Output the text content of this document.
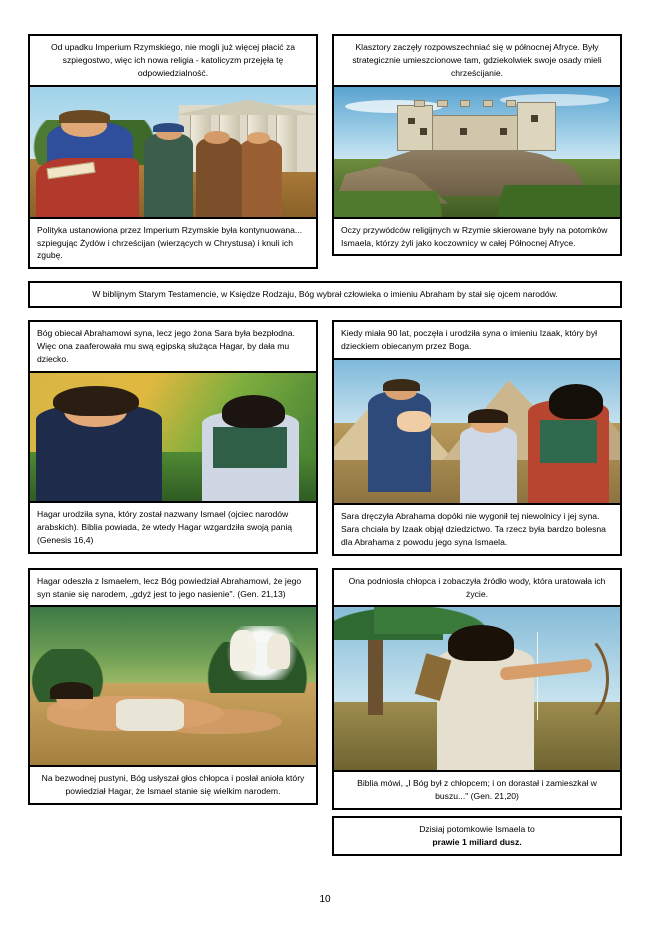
Od upadku Imperium Rzymskiego, nie mogli już więcej płacić za szpiegostwo, więc ich nowa religia - katolicyzm przejęła tę odpowiedzialność.
Polityka ustanowiona przez Imperium Rzymskie była kontynuowana... szpiegując Żydów i chrześcijan (wierzących w Chrystusa) i knuli ich zgubę.
Klasztory zaczęły rozpowszechniać się w północnej Afryce. Były strategicznie umieszcionowe tam, gdziekolwiek swoje osady mieli chrześcijanie.
Oczy przywódców religijnych w Rzymie skierowane były na potomków Ismaela, którzy żyli jako koczownicy w całej Północnej Afryce.
W biblijnym Starym Testamencie, w Księdze Rodzaju, Bóg wybrał człowieka o imieniu Abraham by stał się ojcem narodów.
Bóg obiecał Abrahamowi syna, lecz jego żona Sara była bezpłodna. Więc ona zaaferowała mu swą egipską służąca Hagar, by dała mu dziecko.
Hagar urodziła syna, który został nazwany Ismael (ojciec narodów arabskich). Biblia powiada, że wtedy Hagar wzgardziła swoją panią (Genesis 16,4)
Kiedy miała 90 lat, poczęła i urodziła syna o imieniu Izaak, który był dzieckiem obiecanym przez Boga.
Sara dręczyła Abrahama dopóki nie wygonił tej niewolnicy i jej syna. Sara chciała by Izaak objął dziedzictwo. Ta rzecz była bardzo bolesna dla Abrahama z powodu jego syna Ismaela.
Hagar odeszła z Ismaelem, lecz Bóg powiedział Abrahamowi, że jego syn stanie się narodem, „gdyż jest to jego nasienie". (Gen. 21,13)
Na bezwodnej pustyni, Bóg usłyszał głos chłopca i posłał anioła który powiedział Hagar, że Ismael stanie się wielkim narodem.
Ona podniosła chłopca i zobaczyła źródło wody, która uratowała ich życie.
Biblia mówi, „I Bóg był z chłopcem; i on dorastał i zamieszkał w buszu..." (Gen. 21,20)
Dzisiaj potomkowie Ismaela to
prawie 1 miliard dusz.
10
